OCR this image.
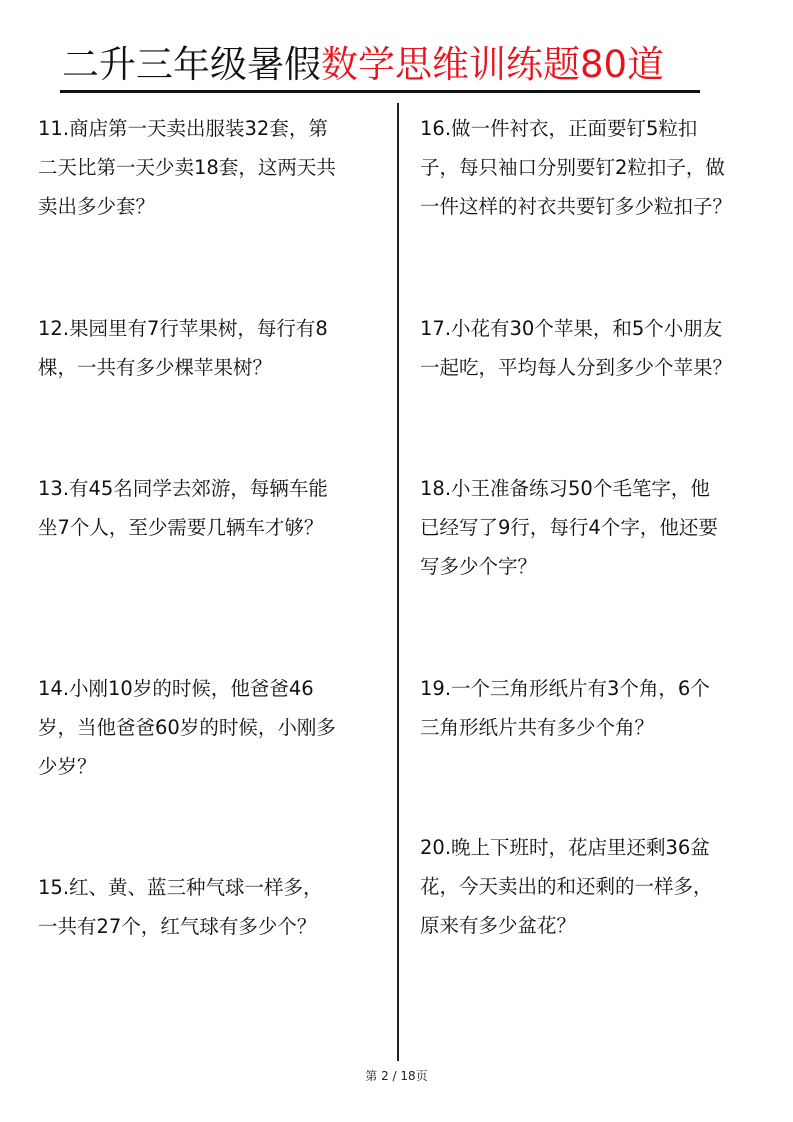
二升三年级暑假数学思维训练题80道
11.商店第一天卖出服装32套，第
二天比第一天少卖18套，这两天共
卖出多少套？
12.果园里有7行苹果树，每行有8
棵，一共有多少棵苹果树？
13.有45名同学去郊游，每辆车能
坐7个人，至少需要几辆车才够？
14.小刚10岁的时候，他爸爸46
岁，当他爸爸60岁的时候，小刚多
少岁？
15.红、黄、蓝三种气球一样多，
一共有27个，红气球有多少个？
16.做一件衬衣，正面要钉5粒扣
子，每只袖口分别要钉2粒扣子，做
一件这样的衬衣共要钉多少粒扣子？
17.小花有30个苹果，和5个小朋友
一起吃，平均每人分到多少个苹果？
18.小王准备练习50个毛笔字，他
已经写了9行，每行4个字，他还要
写多少个字？
19.一个三角形纸片有3个角，6个
三角形纸片共有多少个角？
20.晚上下班时，花店里还剩36盆
花，今天卖出的和还剩的一样多，
原来有多少盆花？
第 2 / 18页
